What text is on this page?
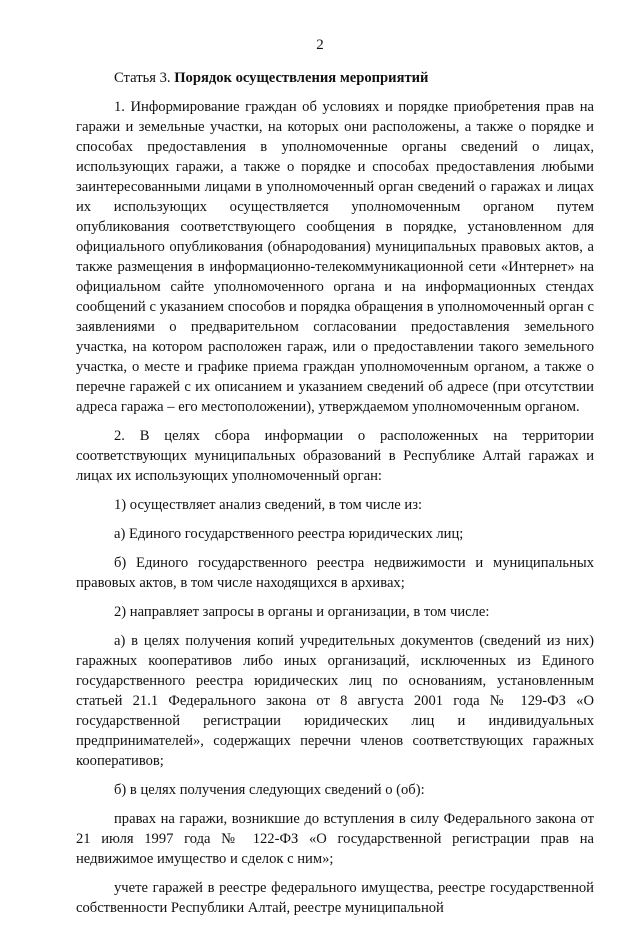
2

Статья 3. Порядок осуществления мероприятий

1. Информирование граждан об условиях и порядке приобретения прав на гаражи и земельные участки, на которых они расположены, а также о порядке и способах предоставления в уполномоченные органы сведений о лицах, использующих гаражи, а также о порядке и способах предоставления любыми заинтересованными лицами в уполномоченный орган сведений о гаражах и лицах их использующих осуществляется уполномоченным органом путем опубликования соответствующего сообщения в порядке, установленном для официального опубликования (обнародования) муниципальных правовых актов, а также размещения в информационно-телекоммуникационной сети «Интернет» на официальном сайте уполномоченного органа и на информационных стендах сообщений с указанием способов и порядка обращения в уполномоченный орган с заявлениями о предварительном согласовании предоставления земельного участка, на котором расположен гараж, или о предоставлении такого земельного участка, о месте и графике приема граждан уполномоченным органом, а также о перечне гаражей с их описанием и указанием сведений об адресе (при отсутствии адреса гаража – его местоположении), утверждаемом уполномоченным органом.

2. В целях сбора информации о расположенных на территории соответствующих муниципальных образований в Республике Алтай гаражах и лицах их использующих уполномоченный орган:

1) осуществляет анализ сведений, в том числе из:

а) Единого государственного реестра юридических лиц;

б) Единого государственного реестра недвижимости и муниципальных правовых актов, в том числе находящихся в архивах;

2) направляет запросы в органы и организации, в том числе:

а) в целях получения копий учредительных документов (сведений из них) гаражных кооперативов либо иных организаций, исключенных из Единого государственного реестра юридических лиц по основаниям, установленным статьей 21.1 Федерального закона от 8 августа 2001 года № 129-ФЗ «О государственной регистрации юридических лиц и индивидуальных предпринимателей», содержащих перечни членов соответствующих гаражных кооперативов;

б) в целях получения следующих сведений о (об):

правах на гаражи, возникшие до вступления в силу Федерального закона от 21 июля 1997 года № 122-ФЗ «О государственной регистрации прав на недвижимое имущество и сделок с ним»;

учете гаражей в реестре федерального имущества, реестре государственной собственности Республики Алтай, реестре муниципальной
